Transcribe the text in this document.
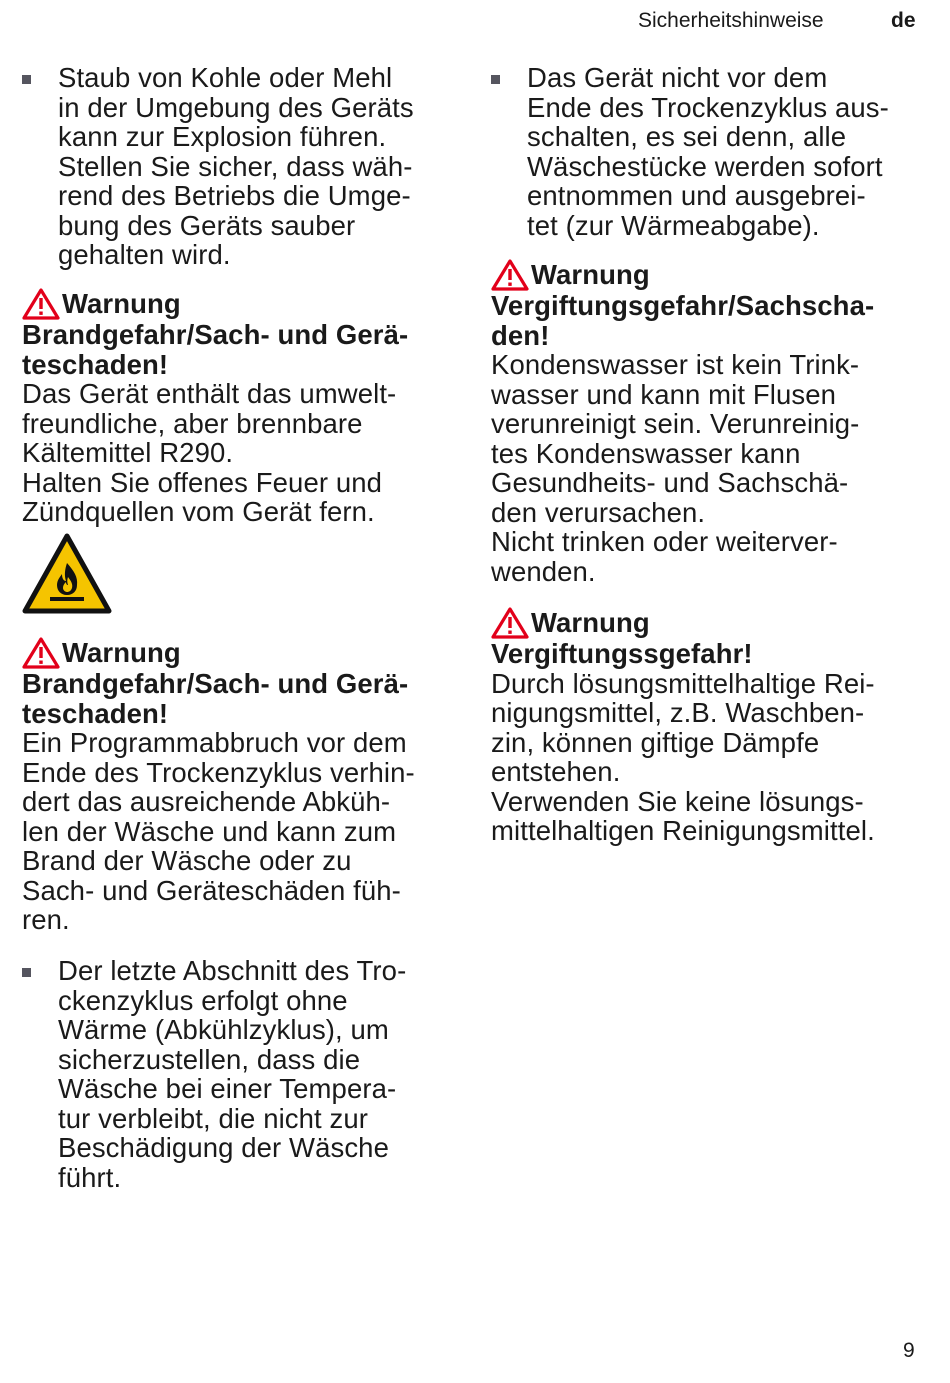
Sicherheitshinweise	de
Staub von Kohle oder Mehl
in der Umgebung des Geräts
kann zur Explosion führen.
Stellen Sie sicher, dass wäh-
rend des Betriebs die Umge-
bung des Geräts sauber
gehalten wird.
Warnung
Brandgefahr/Sach- und Gerä-
teschaden!
Das Gerät enthält das umwelt-
freundliche, aber brennbare
Kältemittel R290.
Halten Sie offenes Feuer und
Zündquellen vom Gerät fern.
Warnung
Brandgefahr/Sach- und Gerä-
teschaden!
Ein Programmabbruch vor dem
Ende des Trockenzyklus verhin-
dert das ausreichende Abküh-
len der Wäsche und kann zum
Brand der Wäsche oder zu
Sach- und Geräteschäden füh-
ren.
Der letzte Abschnitt des Tro-
ckenzyklus erfolgt ohne
Wärme (Abkühlzyklus), um
sicherzustellen, dass die
Wäsche bei einer Tempera-
tur verbleibt, die nicht zur
Beschädigung der Wäsche
führt.
Das Gerät nicht vor dem
Ende des Trockenzyklus aus-
schalten, es sei denn, alle
Wäschestücke werden sofort
entnommen und ausgebrei-
tet (zur Wärmeabgabe).
Warnung
Vergiftungsgefahr/Sachscha-
den!
Kondenswasser ist kein Trink-
wasser und kann mit Flusen
verunreinigt sein. Verunreinig-
tes Kondenswasser kann
Gesundheits- und Sachschä-
den verursachen.
Nicht trinken oder weiterver-
wenden.
Warnung
Vergiftungssgefahr!
Durch lösungsmittelhaltige Rei-
nigungsmittel, z.B. Waschben-
zin, können giftige Dämpfe
entstehen.
Verwenden Sie keine lösungs-
mittelhaltigen Reinigungsmittel.
9
